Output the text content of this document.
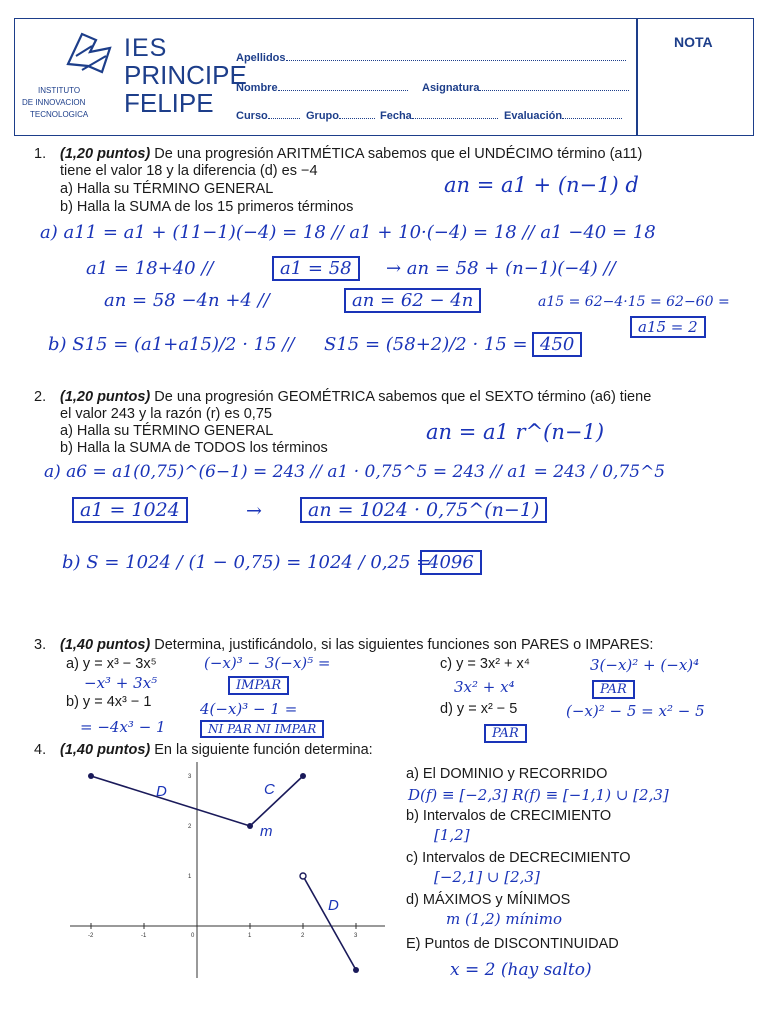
IES
PRINCIPE
FELIPE
INSTITUTO
DE INNOVACION
TECNOLOGICA
Apellidos
Nombre	Asignatura
Curso	Grupo	Fecha	Evaluación
NOTA
1. (1,20 puntos) De una progresión ARITMÉTICA sabemos que el UNDÉCIMO término (a11)
tiene el valor 18 y la diferencia (d) es −4
a) Halla su TÉRMINO GENERAL
b) Halla la SUMA de los 15 primeros términos
an = a1 + (n−1) d
a) a11 = a1 + (11−1)(−4) = 18 // a1 + 10·(−4) = 18 // a1 −40 = 18
a1 = 18+40 //	a1 = 58	→ an = 58 + (n−1)(−4) //
an = 58 −4n +4 //	an = 62 − 4n	a15 = 62−4·15 = 62−60 =
a15 = 2
b) S15 = (a1+a15)/2 · 15 // S15 = (58+2)/2 · 15 = 450
2. (1,20 puntos) De una progresión GEOMÉTRICA sabemos que el SEXTO término (a6) tiene
el valor 243 y la razón (r) es 0,75
a) Halla su TÉRMINO GENERAL
b) Halla la SUMA de TODOS los términos
an = a1 r^(n−1)
a) a6 = a1(0,75)^(6−1) = 243 // a1 · 0,75^5 = 243 // a1 = 243 / 0,75^5
a1 = 1024	→	an = 1024 · 0,75^(n−1)
b) S = 1024 / (1 − 0,75) = 1024 / 0,25 =
4096
3. (1,40 puntos) Determina, justificándolo, si las siguientes funciones son PARES o IMPARES:
a) y = x³ − 3x⁵
b) y = 4x³ − 1
c) y = 3x² + x⁴
d) y = x² − 5
(−x)³ − 3(−x)⁵ =
−x³ + 3x⁵	IMPAR
4(−x)³ − 1 =
= −4x³ − 1	NI PAR NI IMPAR
3(−x)² + (−x)⁴
3x² + x⁴	PAR
(−x)² − 5 = x² − 5
PAR
4. (1,40 puntos) En la siguiente función determina:
-2	-1	0	1	2	3
3
2
1
D	C
m
D
a) El DOMINIO y RECORRIDO
D(f) ≡ [−2,3] R(f) ≡ [−1,1) ∪ [2,3]
b) Intervalos de CRECIMIENTO
[1,2]
c) Intervalos de DECRECIMIENTO
[−2,1] ∪ [2,3]
d) MÁXIMOS y MÍNIMOS
m (1,2) mínimo
E) Puntos de DISCONTINUIDAD
x = 2 (hay salto)
